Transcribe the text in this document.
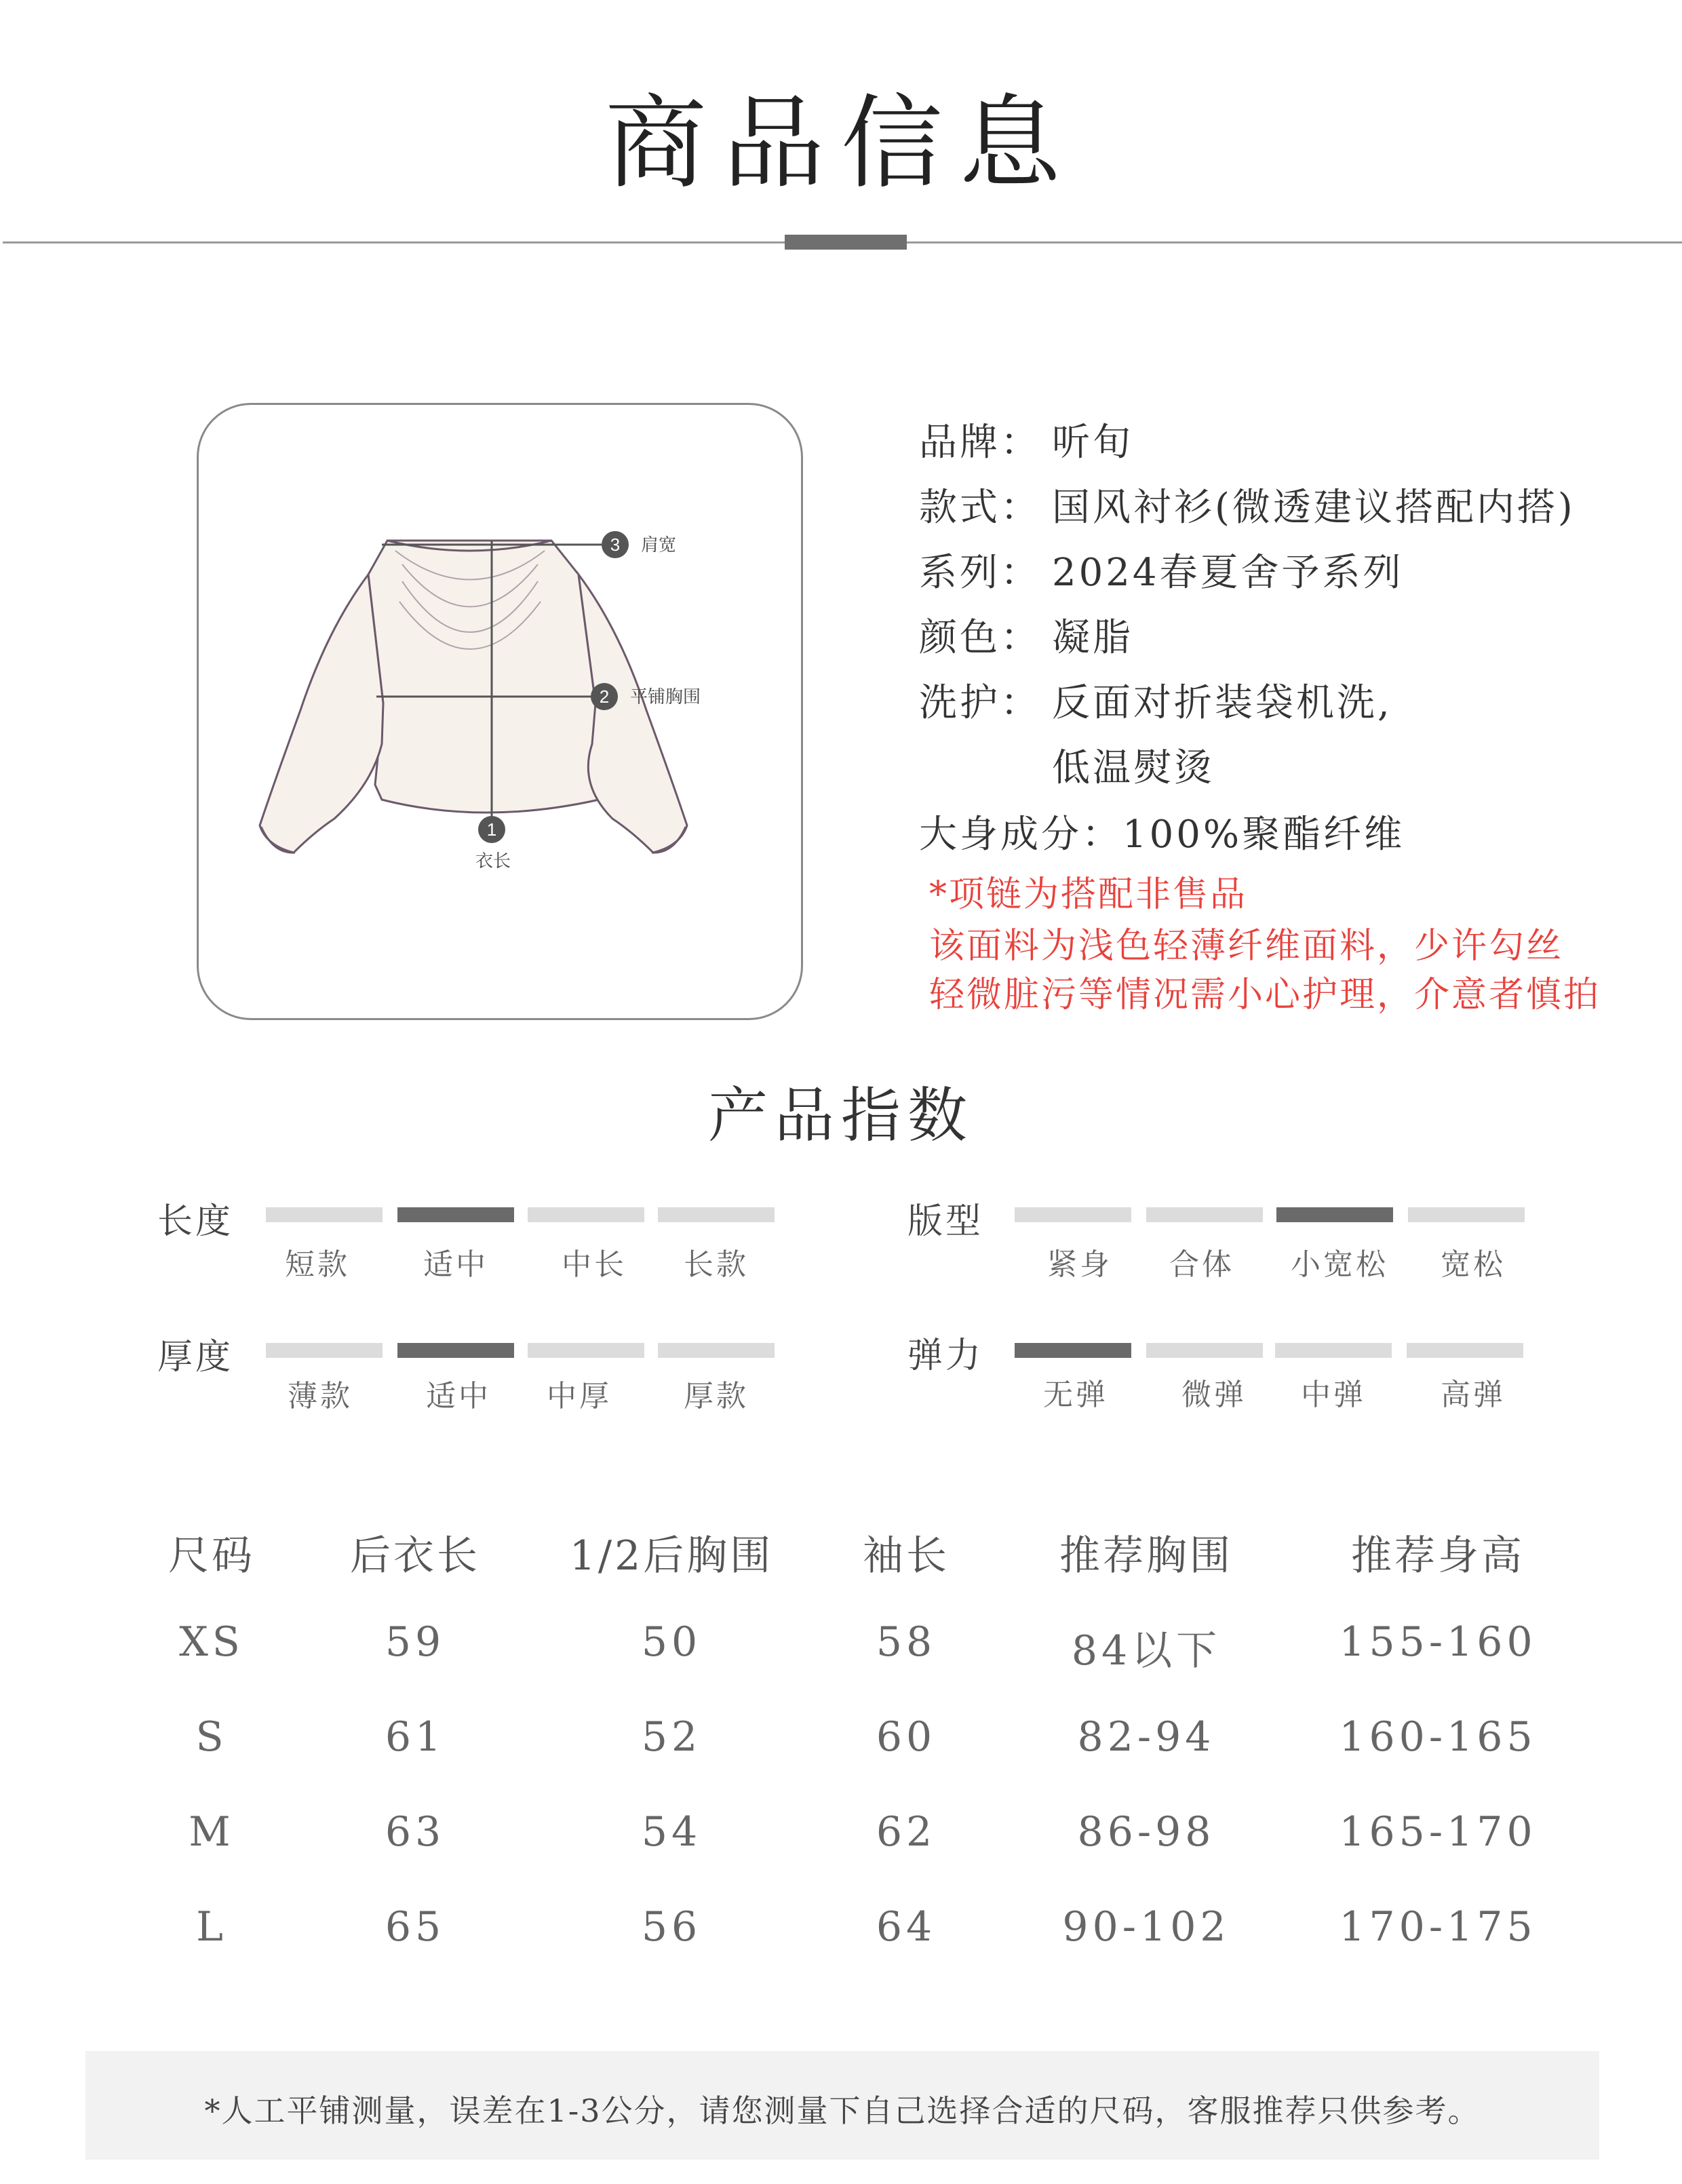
商品信息
3
2
1
肩宽
平铺胸围
衣长
品牌： 听旬
款式： 国风衬衫(微透建议搭配内搭)
系列： 2024春夏舍予系列
颜色： 凝脂
洗护： 反面对折装袋机洗,
低温熨烫
大身成分：100%聚酯纤维
*项链为搭配非售品
该面料为浅色轻薄纤维面料，少许勾丝
轻微脏污等情况需小心护理，介意者慎拍
产品指数
长度
短款	适中	中长	长款
版型
紧身	合体	小宽松	宽松
厚度
薄款	适中	中厚	厚款
弹力
无弹	微弹	中弹	高弹
尺码	后衣长	1/2后胸围	袖长	推荐胸围	推荐身高
XS	59	50	58	84以下	155-160
S	61	52	60	82-94	160-165
M	63	54	62	86-98	165-170
L	65	56	64	90-102	170-175
*人工平铺测量，误差在1-3公分，请您测量下自己选择合适的尺码，客服推荐只供参考。
